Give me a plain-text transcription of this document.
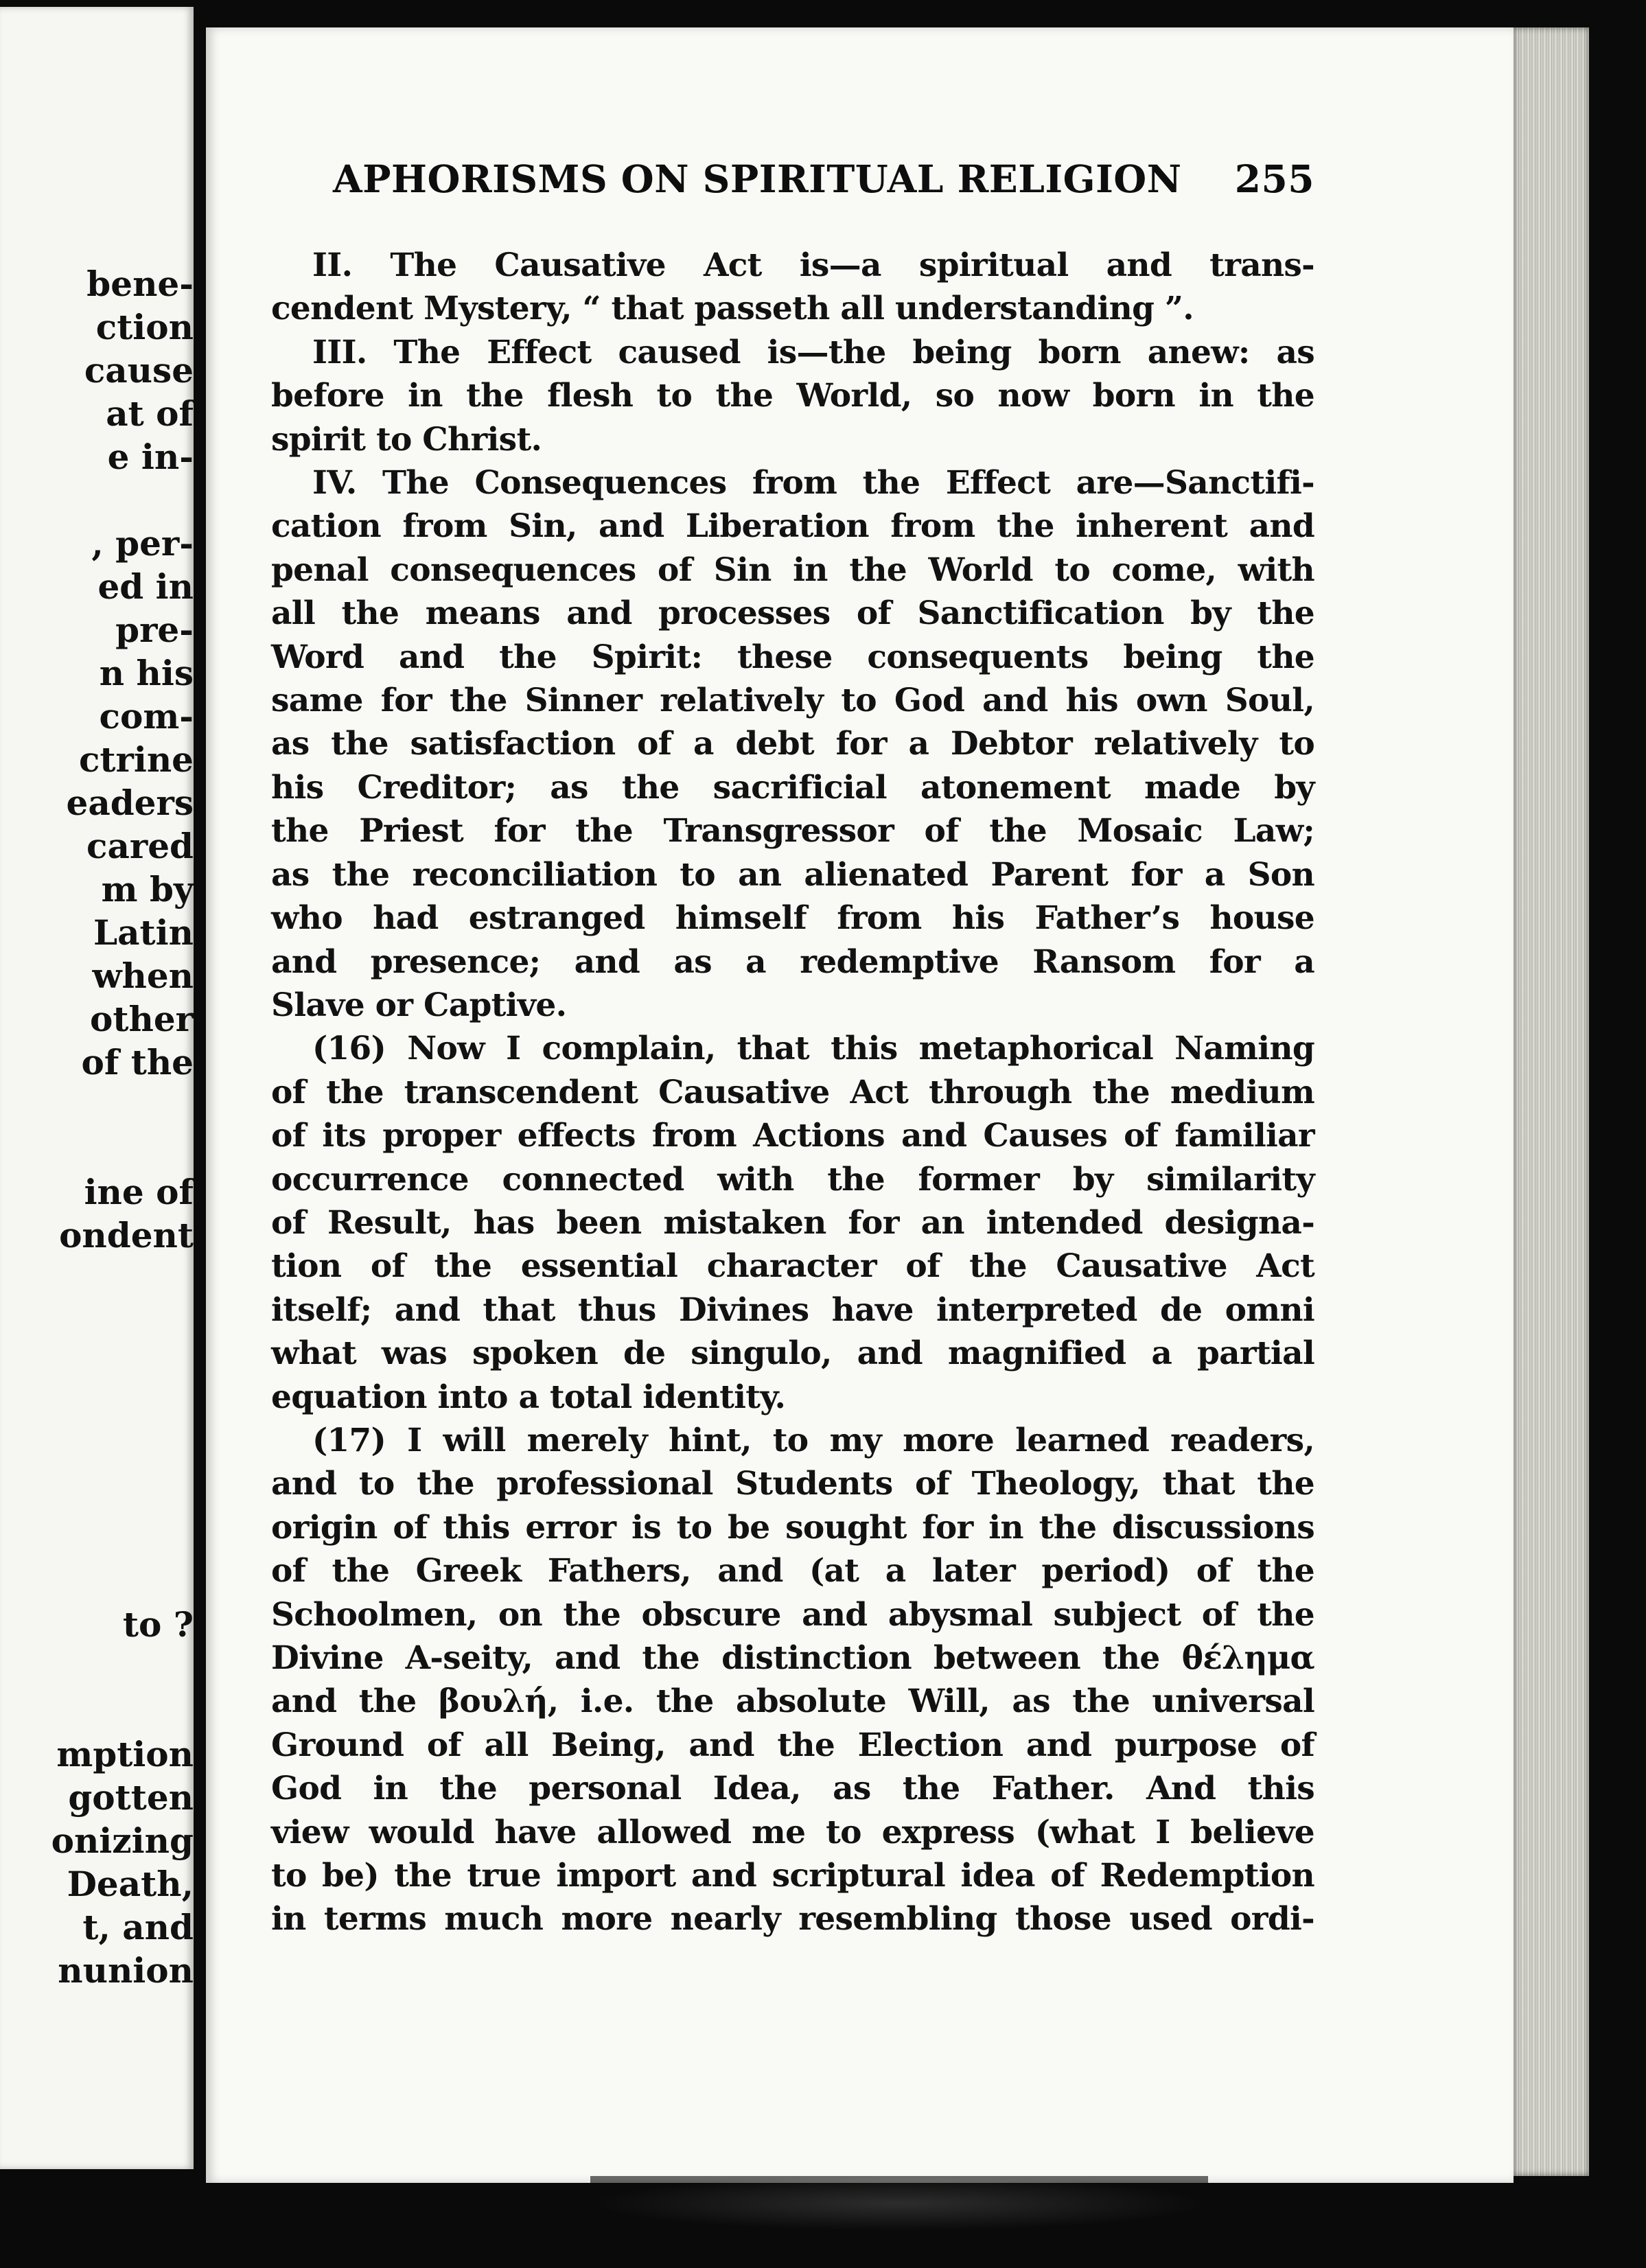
bene-
ction
cause
at of
e in-
, per-
ed in
pre-
n his
com-
ctrine
eaders
cared
m by
Latin
when
other
of the
ine of
ondent
to ?
mption
gotten
onizing
Death,
t, and
nunion
APHORISMS ON SPIRITUAL RELIGION 255

II. The Causative Act is—a spiritual and trans-

cendent Mystery, “ that passeth all understanding ”.

III. The Effect caused is—the being born anew: as

before in the flesh to the World, so now born in the

spirit to Christ.

IV. The Consequences from the Effect are—Sanctifi-

cation from Sin, and Liberation from the inherent and

penal consequences of Sin in the World to come, with

all the means and processes of Sanctification by the

Word and the Spirit: these consequents being the

same for the Sinner relatively to God and his own Soul,

as the satisfaction of a debt for a Debtor relatively to

his Creditor; as the sacrificial atonement made by

the Priest for the Transgressor of the Mosaic Law;

as the reconciliation to an alienated Parent for a Son

who had estranged himself from his Father’s house

and presence; and as a redemptive Ransom for a

Slave or Captive.

(16) Now I complain, that this metaphorical Naming

of the transcendent Causative Act through the medium

of its proper effects from Actions and Causes of familiar

occurrence connected with the former by similarity

of Result, has been mistaken for an intended designa-

tion of the essential character of the Causative Act

itself; and that thus Divines have interpreted de omni

what was spoken de singulo, and magnified a partial

equation into a total identity.

(17) I will merely hint, to my more learned readers,

and to the professional Students of Theology, that the

origin of this error is to be sought for in the discussions

of the Greek Fathers, and (at a later period) of the

Schoolmen, on the obscure and abysmal subject of the

Divine A-seity, and the distinction between the θέλημα

and the βουλή, i.e. the absolute Will, as the universal

Ground of all Being, and the Election and purpose of

God in the personal Idea, as the Father. And this

view would have allowed me to express (what I believe

to be) the true import and scriptural idea of Redemption

in terms much more nearly resembling those used ordi-
